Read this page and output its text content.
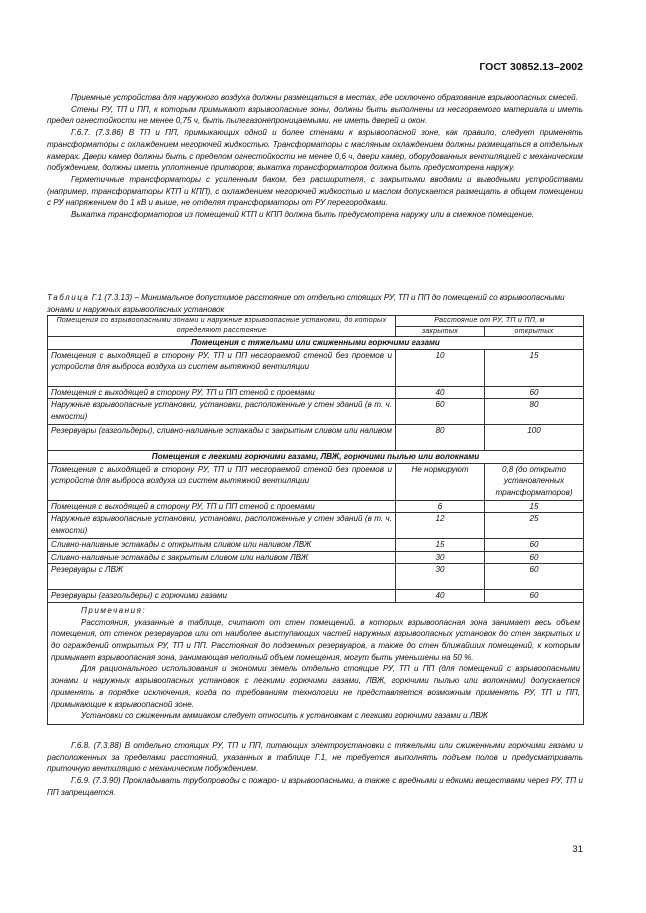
ГОСТ 30852.13–2002

Приемные устройства для наружного воздуха должны размещаться в местах, где исключено образование взрывоопасных смесей.

Стены РУ, ТП и ПП, к которым примыкают взрывоопасные зоны, должны быть выполнены из несгораемого материала и иметь предел огнестойкости не менее 0,75 ч, быть пылегазонепроницаемыми, не иметь дверей и окон.

Г.6.7. (7.3.86) В ТП и ПП, примыкающих одной и более стенами к взрывоопасной зоне, как правило, следует применять трансформаторы с охлаждением негорючей жидкостью. Трансформаторы с масляным охлаждением должны размещаться в отдельных камерах. Двери камер должны быть с пределом огнестойкости не менее 0,6 ч, двери камер, оборудованных вентиляцией с механическим побуждением, должны иметь уплотнение притворов; выкатка трансформаторов должна быть предусмотрена наружу.

Герметичные трансформаторы с усиленным баком, без расширителя, с закрытыми вводами и выводными устройствами (например, трансформаторы КТП и КПП), с охлаждением негорючей жидкостью и маслом допускается размещать в общем помещении с РУ напряжением до 1 кВ и выше, не отделяя трансформаторы от РУ перегородками.

Выкатка трансформаторов из помещений КТП и КПП должна быть предусмотрена наружу или в смежное помещение.

Таблица Г.1 (7.3.13) – Минимальное допустимое расстояние от отдельно стоящих РУ, ТП и ПП до помещений со взрывоопасными зонами и наружных взрывоопасных установок

Помещения со взрывоопасными зонами и наружные взрывоопасные установки, до которых определяют расстояние	Расстояние от РУ, ТП и ПП, м	
	закрытых	открытых
Помещения с тяжелыми или сжиженными горючими газами		
Помещения с выходящей в сторону РУ, ТП и ПП несгораемой стеной без проемов и устройств для выброса воздуха из систем вытяжной вентиляции	10	15
Помещения с выходящей в сторону РУ, ТП и ПП стеной с проемами	40	60
Наружные взрывоопасные установки, установки, расположенные у стен зданий (в т. ч. емкости)	60	80
Резервуары (газгольдеры), сливно-наливные эстакады с закрытым сливом или наливом	80	100
Помещения с легкими горючими газами, ЛВЖ, горючими пылью или волокнами		
Помещения с выходящей в сторону РУ, ТП и ПП несгораемой стеной без проемов и устройств для выброса воздуха из систем вытяжной вентиляции	Не нормируют	0,8 (до открыто установленных трансформаторов)
Помещения с выходящей в сторону РУ, ТП и ПП стеной с проемами	6	15
Наружные взрывоопасные установки, установки, расположенные у стен зданий (в т. ч. емкости)	12	25
Сливно-наливные эстакады с открытым сливом или наливом ЛВЖ	15	60
Сливно-наливные эстакады с закрытым сливом или наливом ЛВЖ	30	60
Резервуары с ЛВЖ	30	60
Резервуары (газгольдеры) с горючими газами	40	60

Примечания:

Расстояния, указанные в таблице, считают от стен помещений, в которых взрывоопасная зона занимает весь объем помещения, от стенок резервуаров или от наиболее выступающих частей наружных взрывоопасных установок до стен закрытых и до ограждений открытых РУ, ТП и ПП. Расстояния до подземных резервуаров, а также до стен ближайших помещений, к которым примыкает взрывоопасная зона, занимающая неполный объем помещения, могут быть уменьшены на 50 %.

Для рационального использования и экономии земель отдельно стоящие РУ, ТП и ПП (для помещений с взрывоопасными зонами и наружных взрывоопасных установок с легкими горючими газами, ЛВЖ, горючими пылью или волокнами) допускается применять в порядке исключения, когда по требованиям технологии не представляется возможным применять РУ, ТП и ПП, примыкающие к взрывоопасной зоне.

Установки со сжиженным аммиаком следует относить к установкам с легкими горючими газами и ЛВЖ		

Г.6.8. (7.3.88) В отдельно стоящих РУ, ТП и ПП, питающих электроустановки с тяжелыми или сжиженными горючими газами и расположенных за пределами расстояний, указанных в таблице Г.1, не требуется выполнять подъем полов и предусматривать приточную вентиляцию с механическим побуждением.

Г.6.9. (7.3.90) Прокладывать трубопроводы с пожаро- и взрывоопасными, а также с вредными и едкими веществами через РУ, ТП и ПП запрещается.

31
